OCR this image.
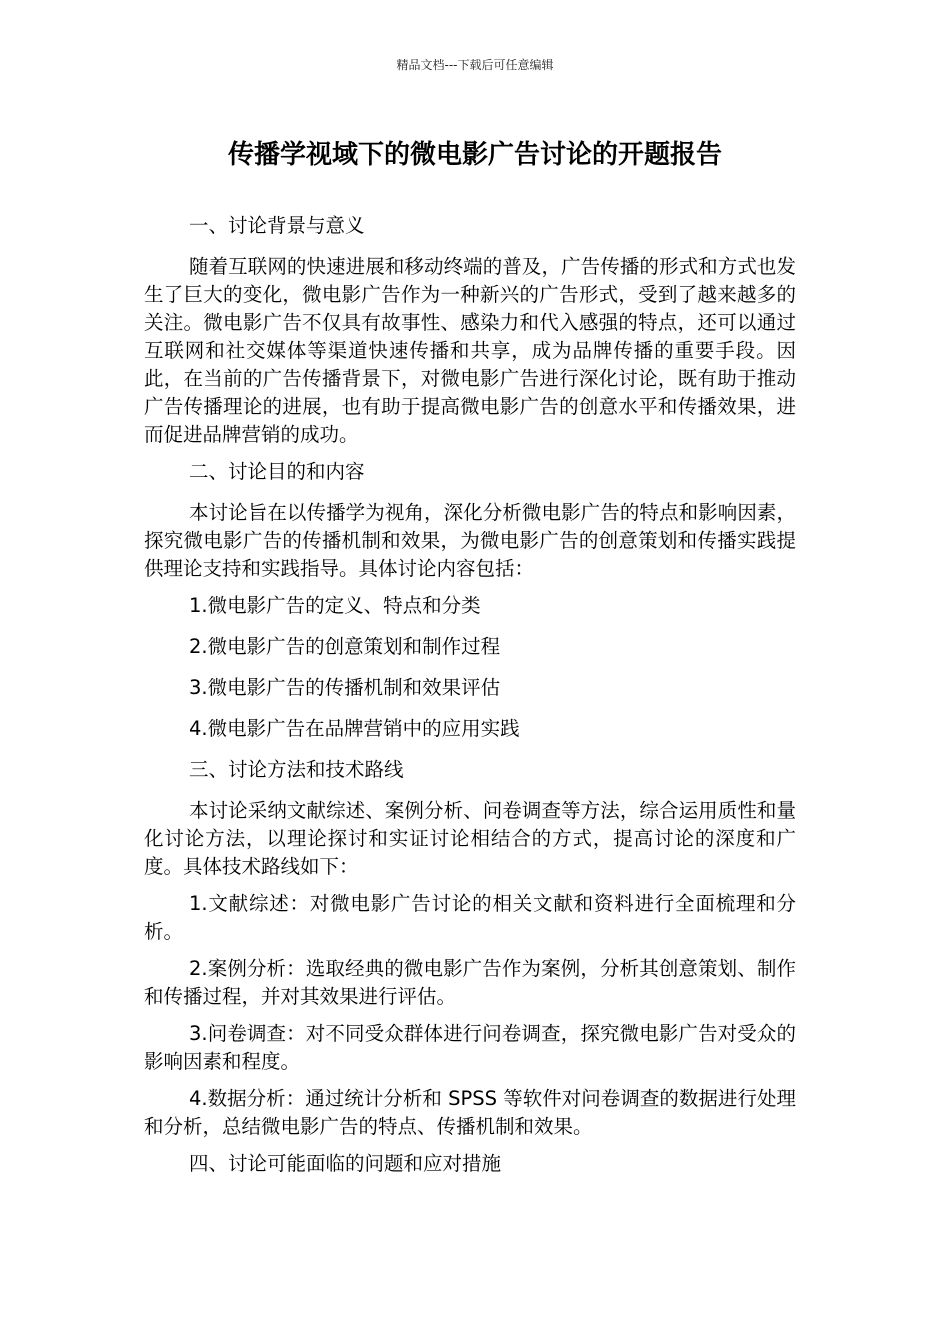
精品文档---下载后可任意编辑
传播学视域下的微电影广告讨论的开题报告
一、讨论背景与意义
随着互联网的快速进展和移动终端的普及，广告传播的形式和方式也发生了巨大的变化，微电影广告作为一种新兴的广告形式，受到了越来越多的关注。微电影广告不仅具有故事性、感染力和代入感强的特点，还可以通过互联网和社交媒体等渠道快速传播和共享，成为品牌传播的重要手段。因此，在当前的广告传播背景下，对微电影广告进行深化讨论，既有助于推动广告传播理论的进展，也有助于提高微电影广告的创意水平和传播效果，进而促进品牌营销的成功。
二、讨论目的和内容
本讨论旨在以传播学为视角，深化分析微电影广告的特点和影响因素，探究微电影广告的传播机制和效果，为微电影广告的创意策划和传播实践提供理论支持和实践指导。具体讨论内容包括：
1.微电影广告的定义、特点和分类
2.微电影广告的创意策划和制作过程
3.微电影广告的传播机制和效果评估
4.微电影广告在品牌营销中的应用实践
三、讨论方法和技术路线
本讨论采纳文献综述、案例分析、问卷调查等方法，综合运用质性和量化讨论方法，以理论探讨和实证讨论相结合的方式，提高讨论的深度和广度。具体技术路线如下：
1.文献综述：对微电影广告讨论的相关文献和资料进行全面梳理和分析。
2.案例分析：选取经典的微电影广告作为案例，分析其创意策划、制作和传播过程，并对其效果进行评估。
3.问卷调查：对不同受众群体进行问卷调查，探究微电影广告对受众的影响因素和程度。
4.数据分析：通过统计分析和 SPSS 等软件对问卷调查的数据进行处理和分析，总结微电影广告的特点、传播机制和效果。
四、讨论可能面临的问题和应对措施
